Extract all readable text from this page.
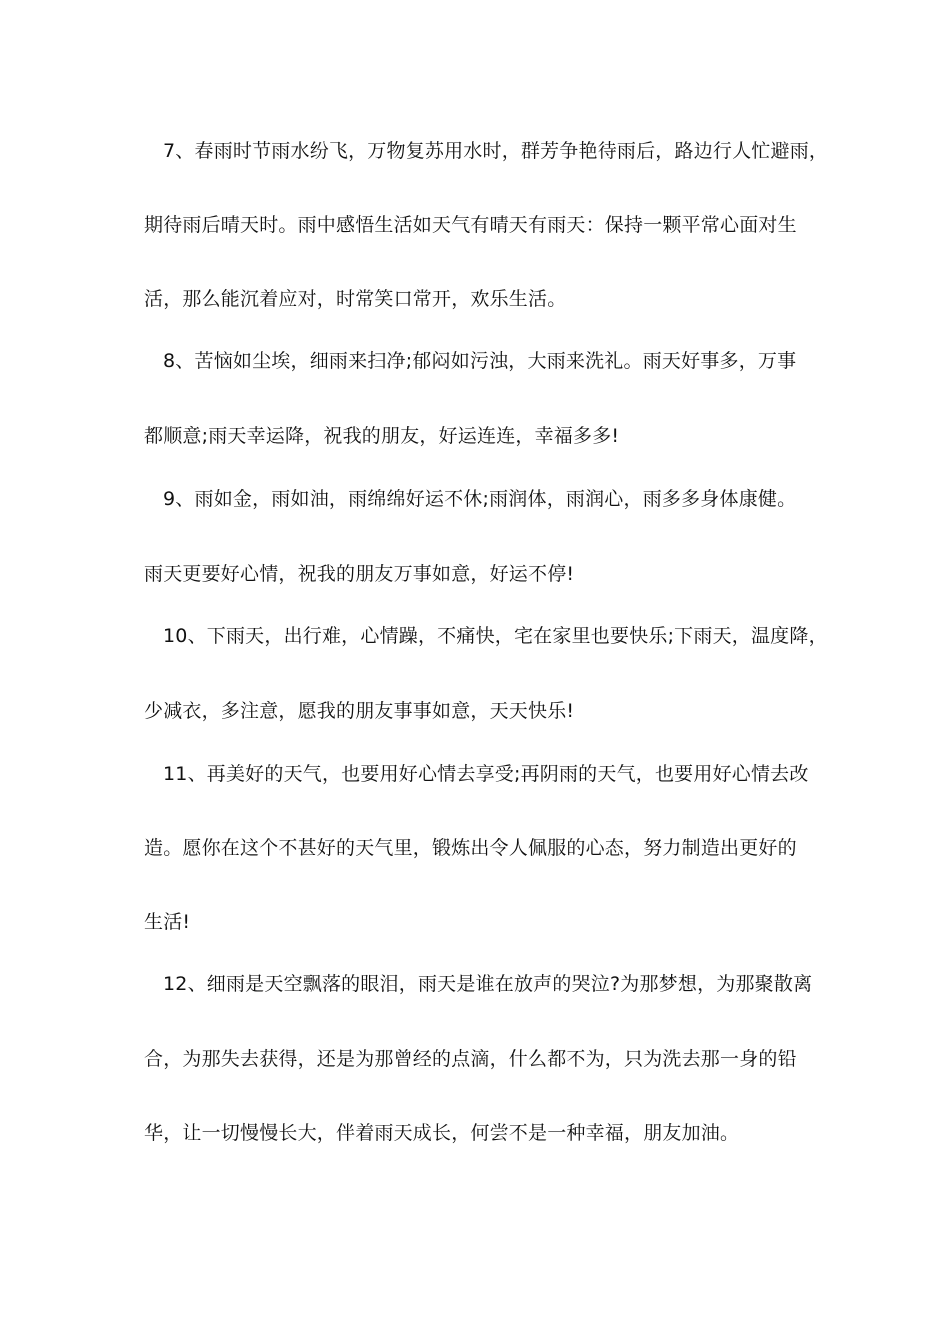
7、春雨时节雨水纷飞，万物复苏用水时，群芳争艳待雨后，路边行人忙避雨，
期待雨后晴天时。雨中感悟生活如天气有晴天有雨天：保持一颗平常心面对生
活，那么能沉着应对，时常笑口常开，欢乐生活。
8、苦恼如尘埃，细雨来扫净;郁闷如污浊，大雨来洗礼。雨天好事多，万事
都顺意;雨天幸运降，祝我的朋友，好运连连，幸福多多!
9、雨如金，雨如油，雨绵绵好运不休;雨润体，雨润心，雨多多身体康健。
雨天更要好心情，祝我的朋友万事如意，好运不停!
10、下雨天，出行难，心情躁，不痛快，宅在家里也要快乐;下雨天，温度降，
少减衣，多注意，愿我的朋友事事如意，天天快乐!
11、再美好的天气，也要用好心情去享受;再阴雨的天气，也要用好心情去改
造。愿你在这个不甚好的天气里，锻炼出令人佩服的心态，努力制造出更好的
生活!
12、细雨是天空飘落的眼泪，雨天是谁在放声的哭泣?为那梦想，为那聚散离
合，为那失去获得，还是为那曾经的点滴，什么都不为，只为洗去那一身的铅
华，让一切慢慢长大，伴着雨天成长，何尝不是一种幸福，朋友加油。
